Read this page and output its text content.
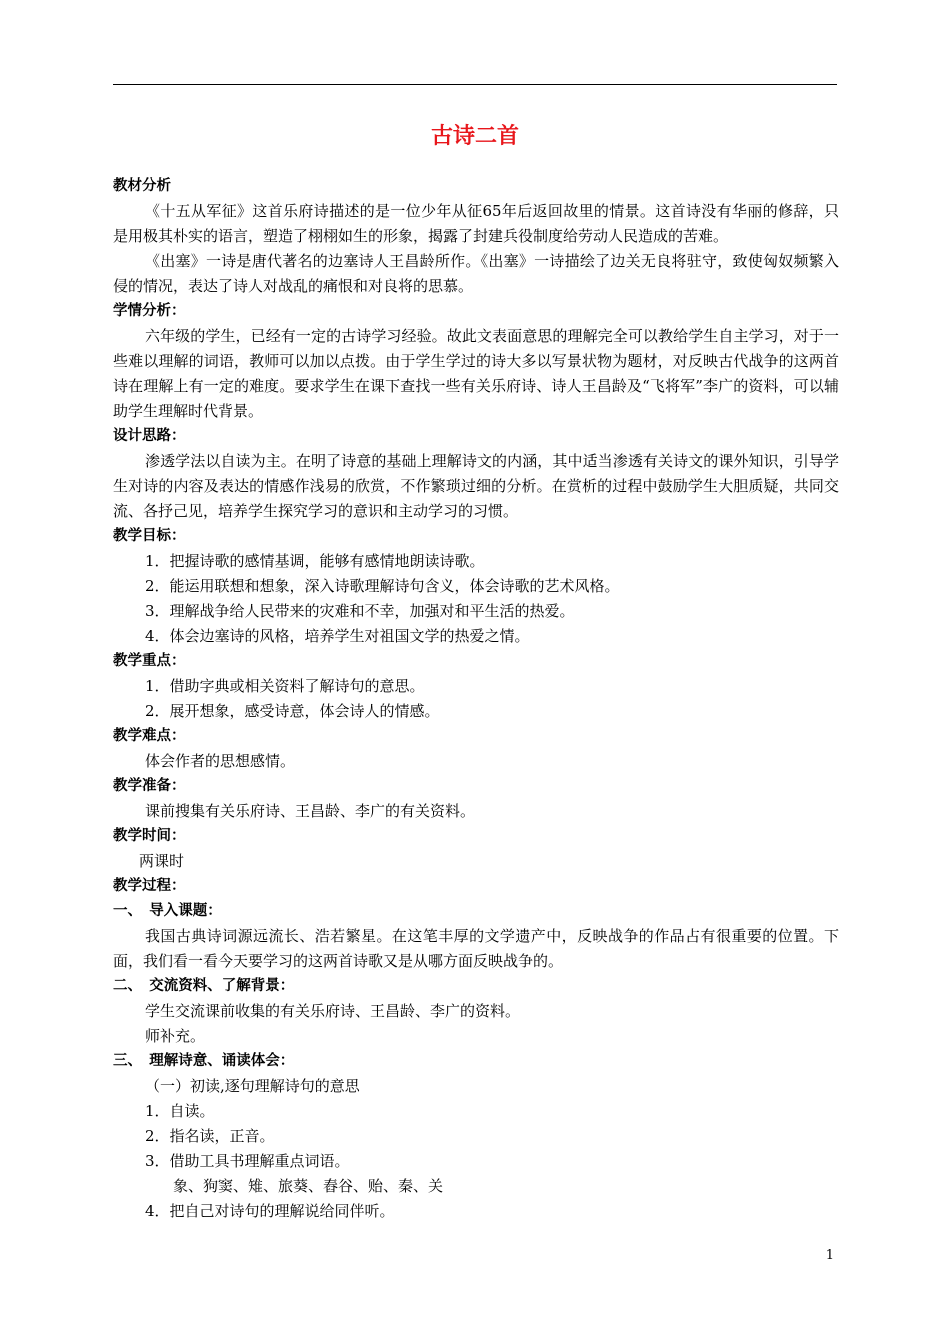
古诗二首
教材分析
《十五从军征》这首乐府诗描述的是一位少年从征65年后返回故里的情景。这首诗没有华丽的修辞，只是用极其朴实的语言，塑造了栩栩如生的形象，揭露了封建兵役制度给劳动人民造成的苦难。
《出塞》一诗是唐代著名的边塞诗人王昌龄所作。《出塞》一诗描绘了边关无良将驻守，致使匈奴频繁入侵的情况，表达了诗人对战乱的痛恨和对良将的思慕。
学情分析：
六年级的学生，已经有一定的古诗学习经验。故此文表面意思的理解完全可以教给学生自主学习，对于一些难以理解的词语，教师可以加以点拨。由于学生学过的诗大多以写景状物为题材，对反映古代战争的这两首诗在理解上有一定的难度。要求学生在课下查找一些有关乐府诗、诗人王昌龄及“飞将军”李广的资料，可以辅助学生理解时代背景。
设计思路：
渗透学法以自读为主。在明了诗意的基础上理解诗文的内涵，其中适当渗透有关诗文的课外知识，引导学生对诗的内容及表达的情感作浅易的欣赏，不作繁琐过细的分析。在赏析的过程中鼓励学生大胆质疑，共同交流、各抒己见，培养学生探究学习的意识和主动学习的习惯。
教学目标：
1．把握诗歌的感情基调，能够有感情地朗读诗歌。
2．能运用联想和想象，深入诗歌理解诗句含义，体会诗歌的艺术风格。
3．理解战争给人民带来的灾难和不幸，加强对和平生活的热爱。
4．体会边塞诗的风格，培养学生对祖国文学的热爱之情。
教学重点：
1．借助字典或相关资料了解诗句的意思。
2．展开想象，感受诗意，体会诗人的情感。
教学难点：
体会作者的思想感情。
教学准备：
课前搜集有关乐府诗、王昌龄、李广的有关资料。
教学时间：
两课时
教学过程：
一、　导入课题：
我国古典诗词源远流长、浩若繁星。在这笔丰厚的文学遗产中，反映战争的作品占有很重要的位置。下面，我们看一看今天要学习的这两首诗歌又是从哪方面反映战争的。
二、　交流资料、了解背景：
学生交流课前收集的有关乐府诗、王昌龄、李广的资料。
师补充。
三、　理解诗意、诵读体会：
（一）初读,逐句理解诗句的意思
1．自读。
2．指名读，正音。
3．借助工具书理解重点词语。
象、狗窦、雉、旅葵、舂谷、贻、秦、关
4．把自己对诗句的理解说给同伴听。
1
